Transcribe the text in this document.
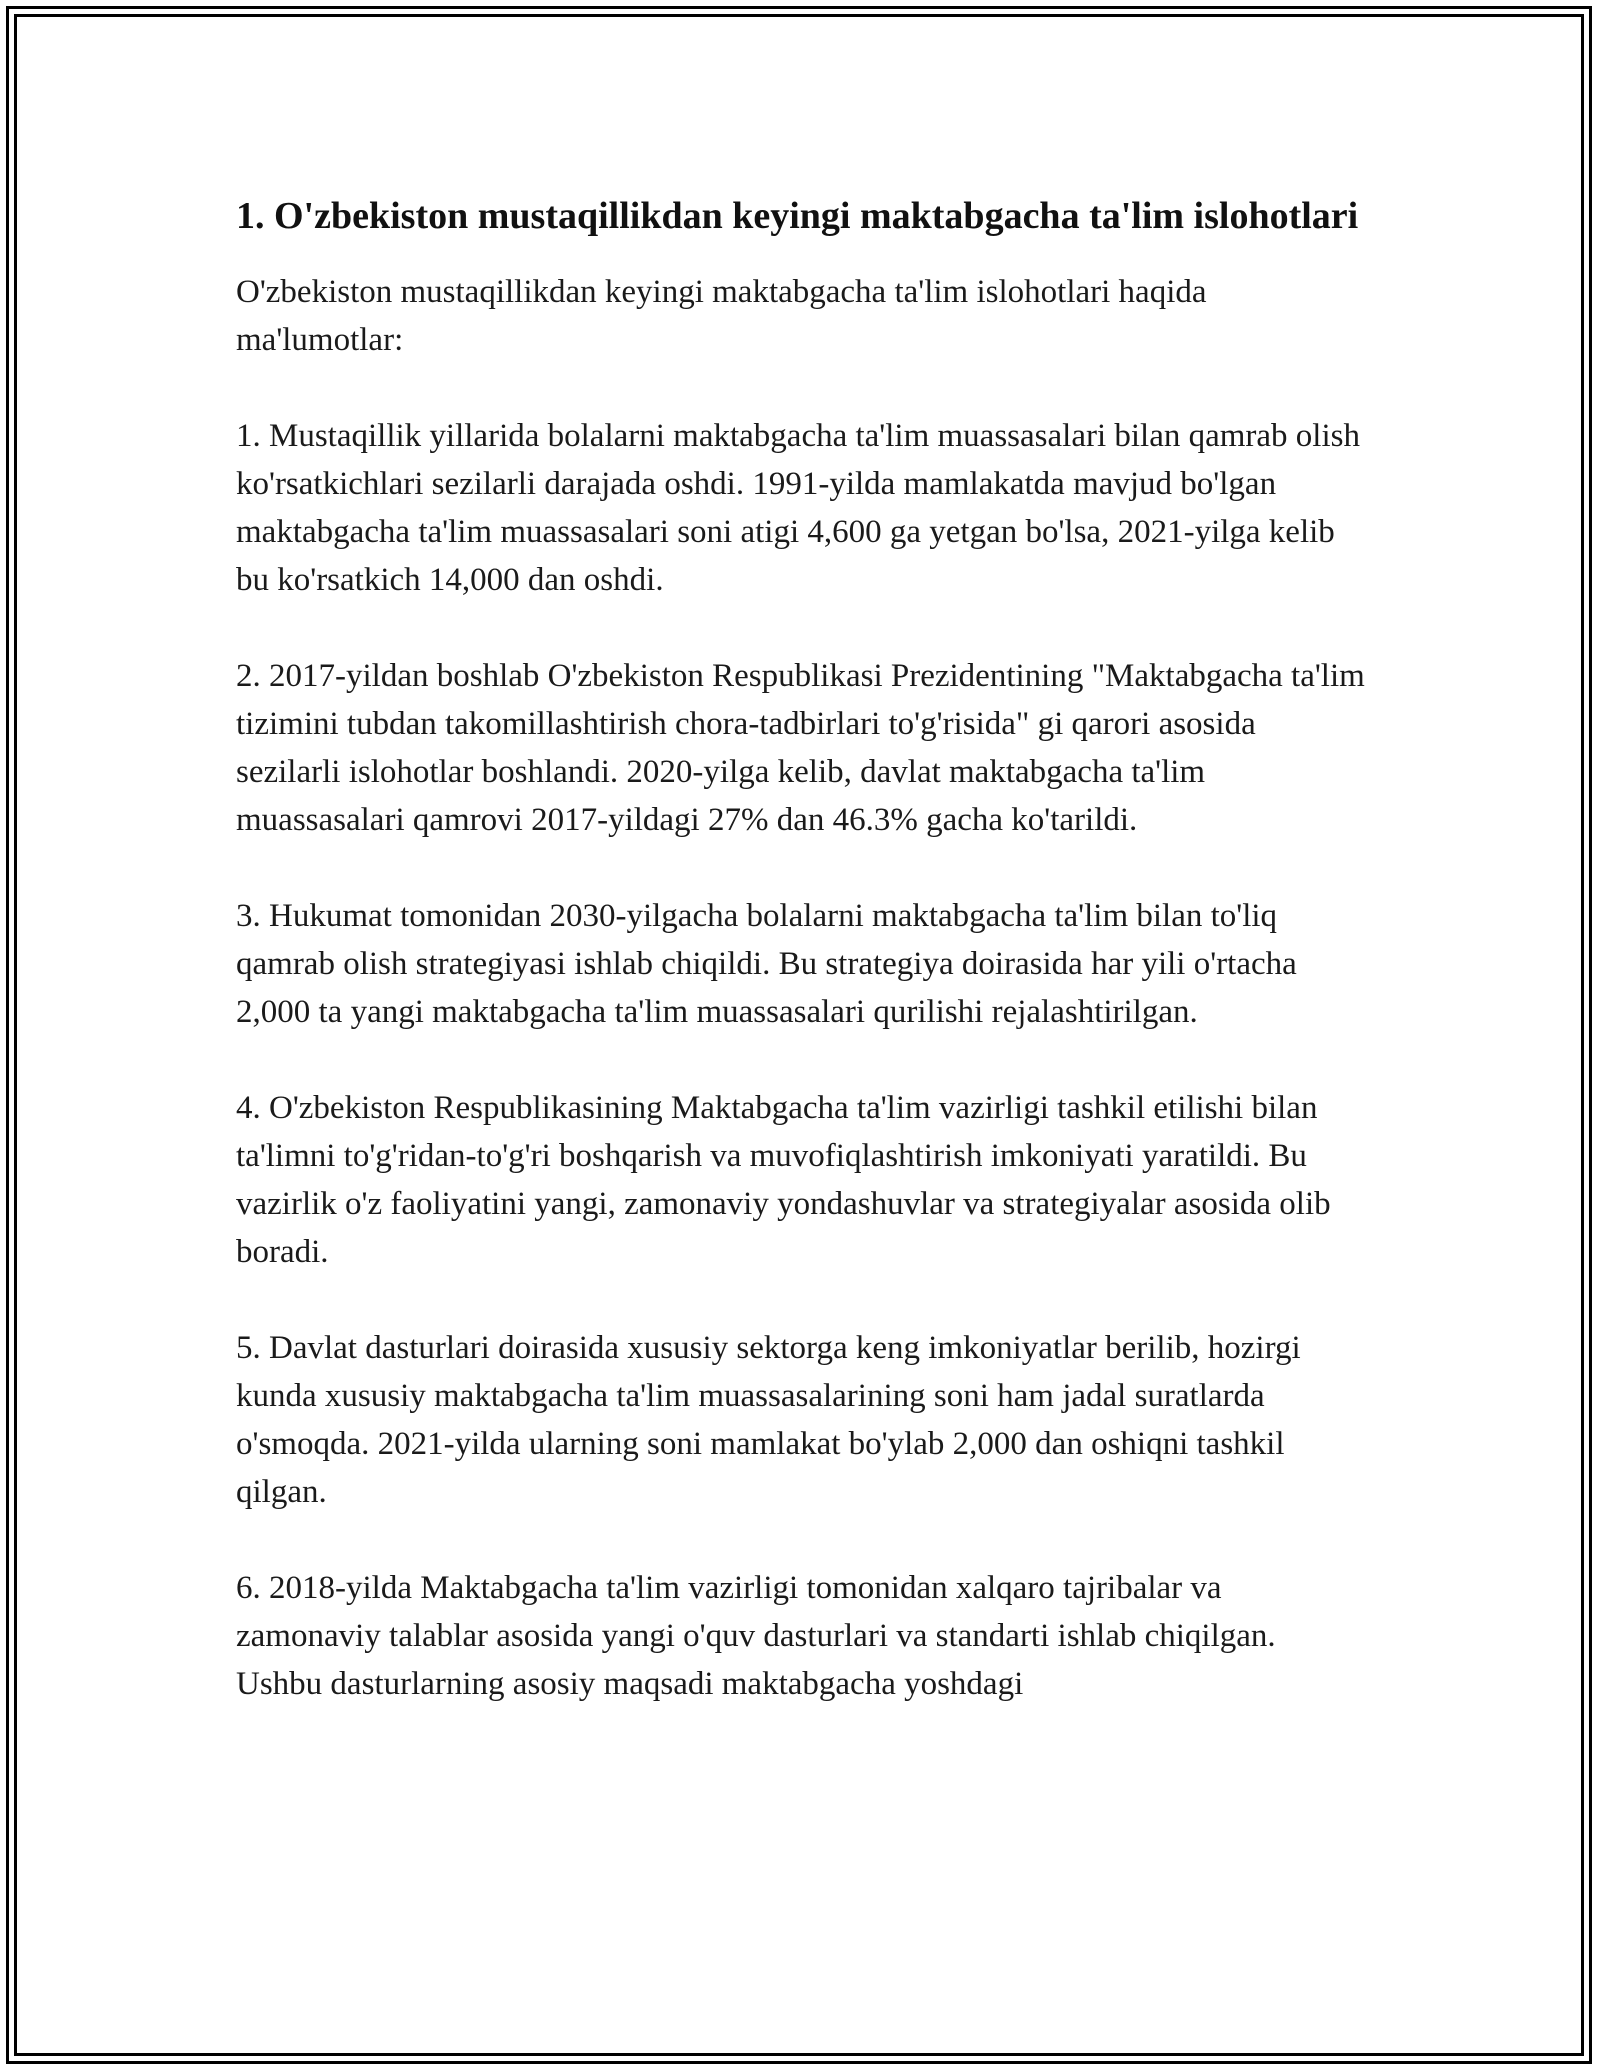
1. O'zbekiston mustaqillikdan keyingi maktabgacha ta'lim islohotlari

O'zbekiston mustaqillikdan keyingi maktabgacha ta'lim islohotlari haqida ma'lumotlar:

1. Mustaqillik yillarida bolalarni maktabgacha ta'lim muassasalari bilan qamrab olish ko'rsatkichlari sezilarli darajada oshdi. 1991-yilda mamlakatda mavjud bo'lgan maktabgacha ta'lim muassasalari soni atigi 4,600 ga yetgan bo'lsa, 2021-yilga kelib bu ko'rsatkich 14,000 dan oshdi.

2. 2017-yildan boshlab O'zbekiston Respublikasi Prezidentining "Maktabgacha ta'lim tizimini tubdan takomillashtirish chora-tadbirlari to'g'risida" gi qarori asosida sezilarli islohotlar boshlandi. 2020-yilga kelib, davlat maktabgacha ta'lim muassasalari qamrovi 2017-yildagi 27% dan 46.3% gacha ko'tarildi.

3. Hukumat tomonidan 2030-yilgacha bolalarni maktabgacha ta'lim bilan to'liq qamrab olish strategiyasi ishlab chiqildi. Bu strategiya doirasida har yili o'rtacha 2,000 ta yangi maktabgacha ta'lim muassasalari qurilishi rejalashtirilgan.

4. O'zbekiston Respublikasining Maktabgacha ta'lim vazirligi tashkil etilishi bilan ta'limni to'g'ridan-to'g'ri boshqarish va muvofiqlashtirish imkoniyati yaratildi. Bu vazirlik o'z faoliyatini yangi, zamonaviy yondashuvlar va strategiyalar asosida olib boradi.

5. Davlat dasturlari doirasida xususiy sektorga keng imkoniyatlar berilib, hozirgi kunda xususiy maktabgacha ta'lim muassasalarining soni ham jadal suratlarda o'smoqda. 2021-yilda ularning soni mamlakat bo'ylab 2,000 dan oshiqni tashkil qilgan.

6. 2018-yilda Maktabgacha ta'lim vazirligi tomonidan xalqaro tajribalar va zamonaviy talablar asosida yangi o'quv dasturlari va standarti ishlab chiqilgan. Ushbu dasturlarning asosiy maqsadi maktabgacha yoshdagi
